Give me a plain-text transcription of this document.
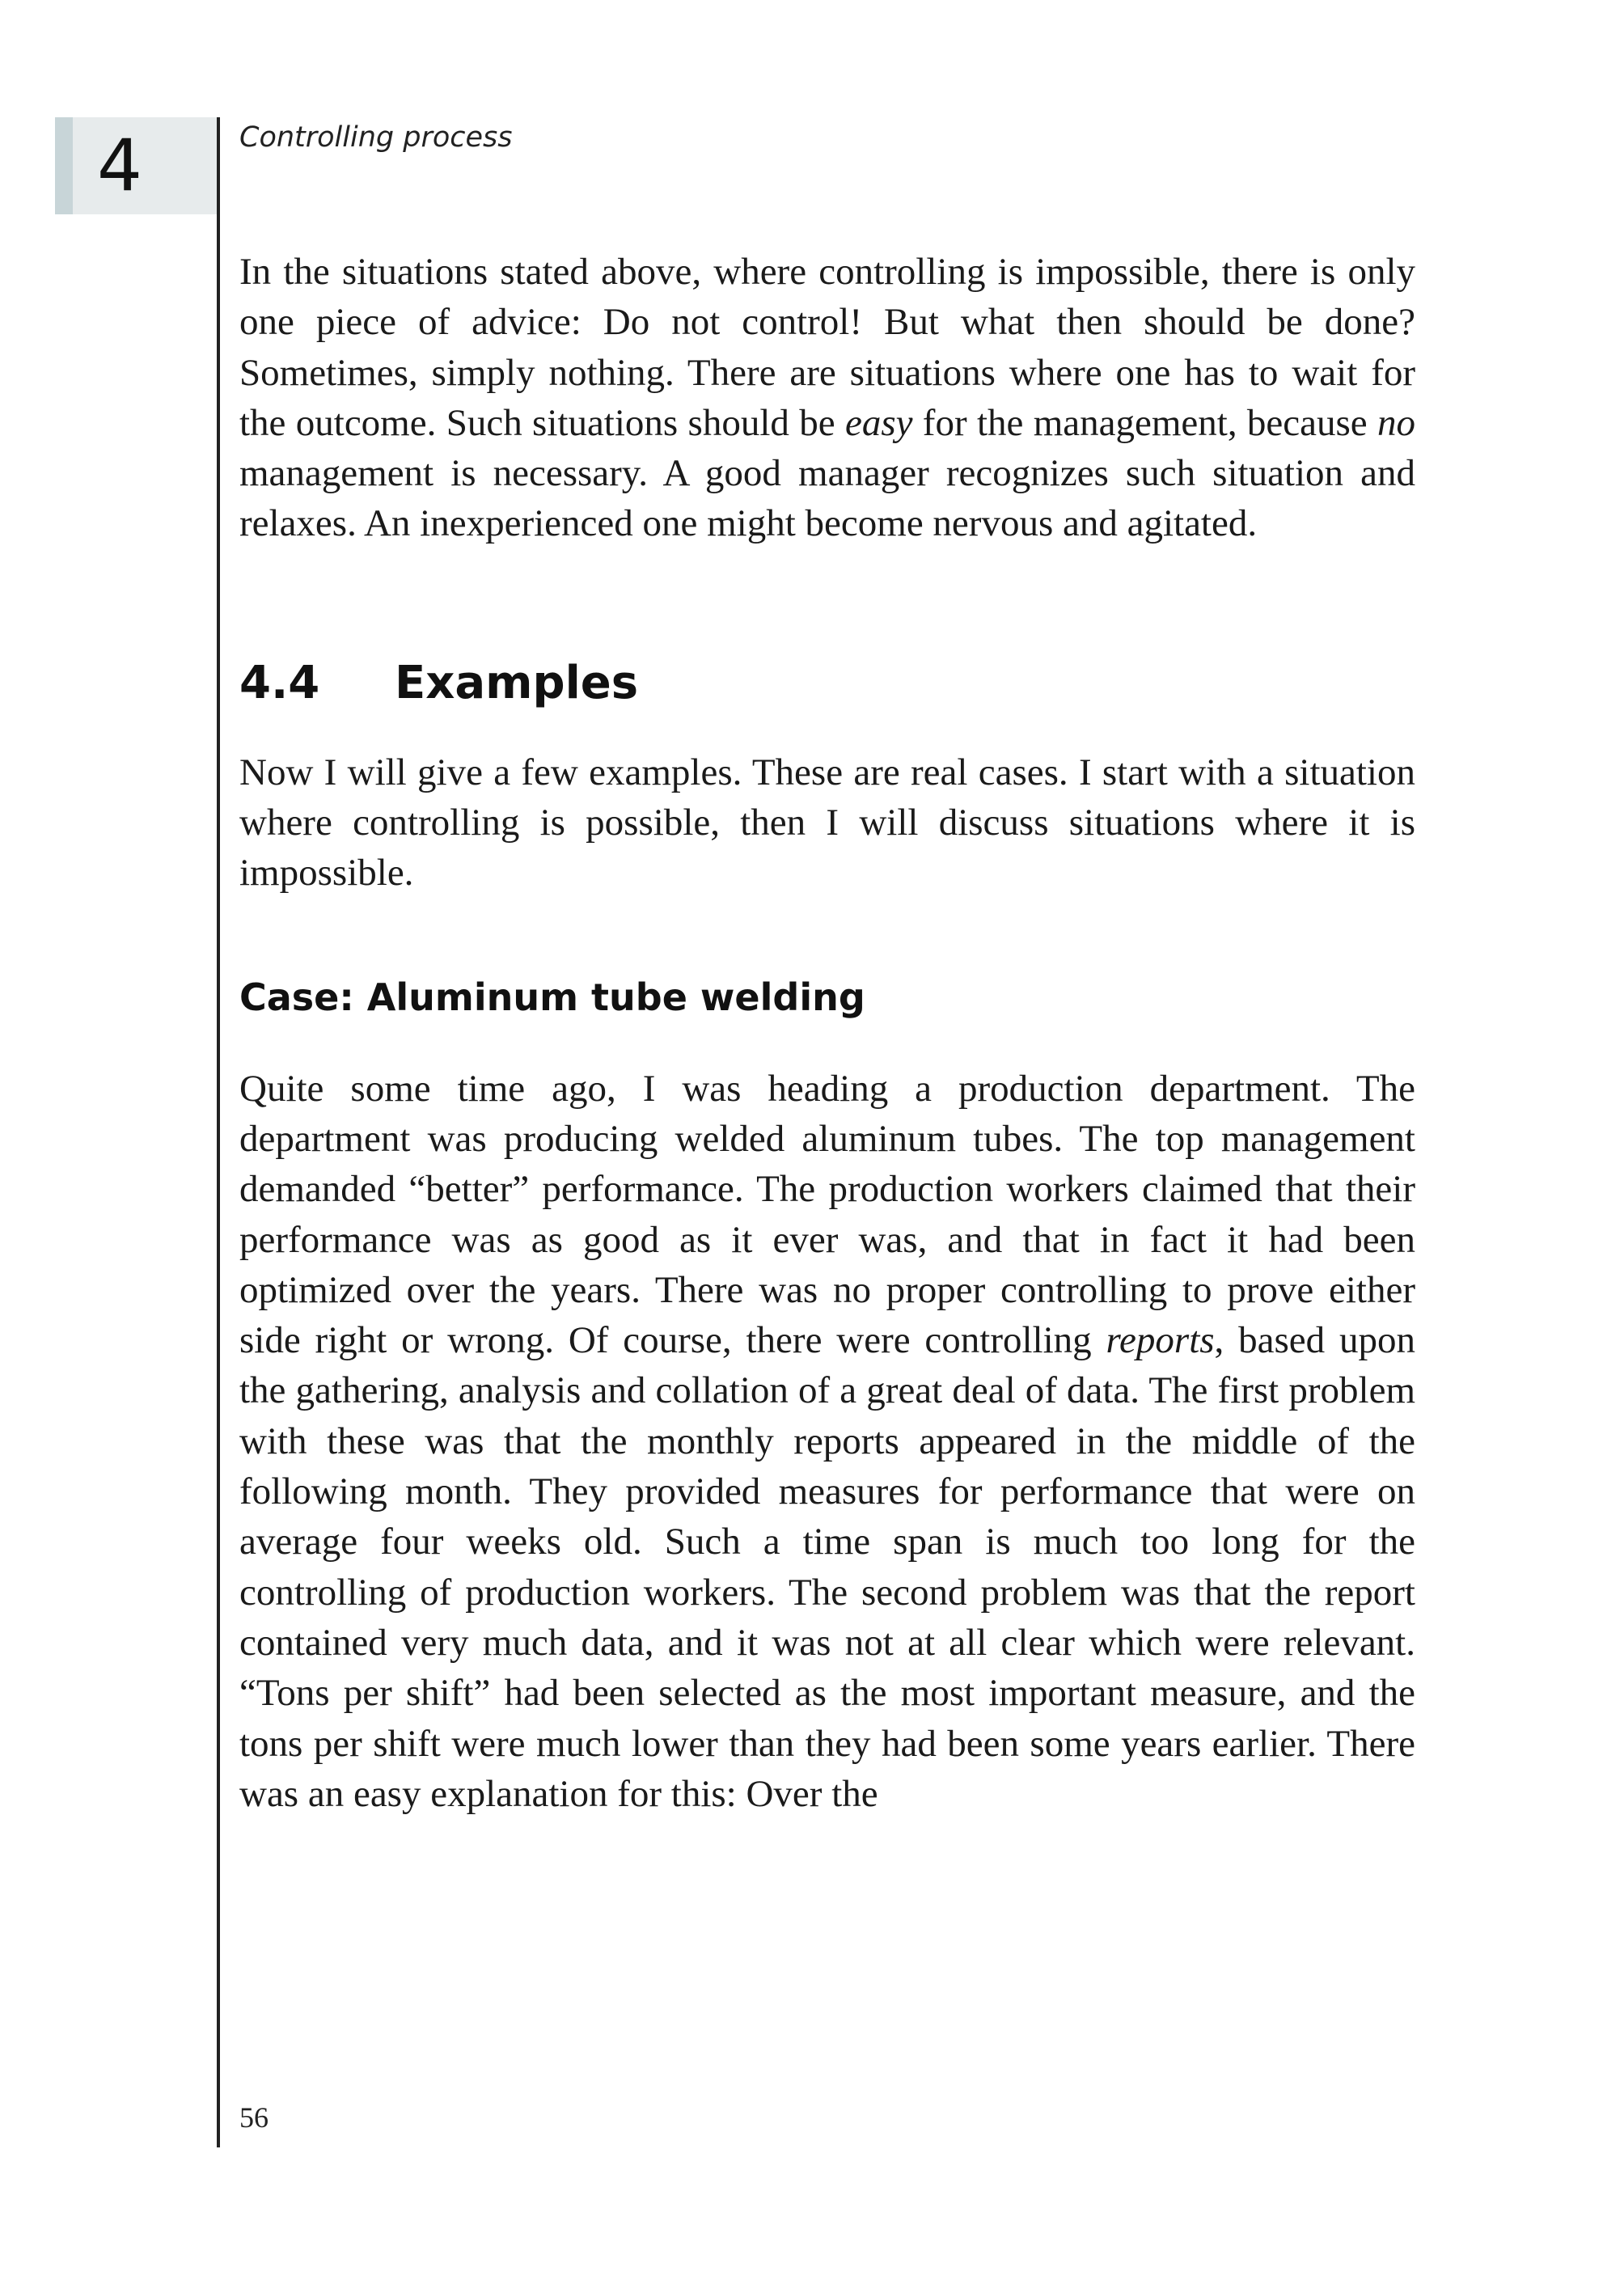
4	Controlling process

In the situations stated above, where controlling is impossible, there is only one piece of advice: Do not control! But what then should be done? Sometimes, simply nothing. There are situations where one has to wait for the outcome. Such situations should be easy for the management, because no management is necessary. A good manager recognizes such situation and relaxes. An inexperienced one might become nervous and agitated.

4.4 Examples

Now I will give a few examples. These are real cases. I start with a situation where controlling is possible, then I will discuss situations where it is impossible.

Case: Aluminum tube welding

Quite some time ago, I was heading a production department. The department was producing welded aluminum tubes. The top management demanded “better” performance. The production workers claimed that their performance was as good as it ever was, and that in fact it had been optimized over the years. There was no proper controlling to prove either side right or wrong. Of course, there were controlling reports, based upon the gathering, analysis and collation of a great deal of data. The first problem with these was that the monthly reports appeared in the middle of the following month. They provided measures for performance that were on average four weeks old. Such a time span is much too long for the controlling of production workers. The second problem was that the report contained very much data, and it was not at all clear which were relevant. “Tons per shift” had been selected as the most important measure, and the tons per shift were much lower than they had been some years earlier. There was an easy explanation for this: Over the

56
